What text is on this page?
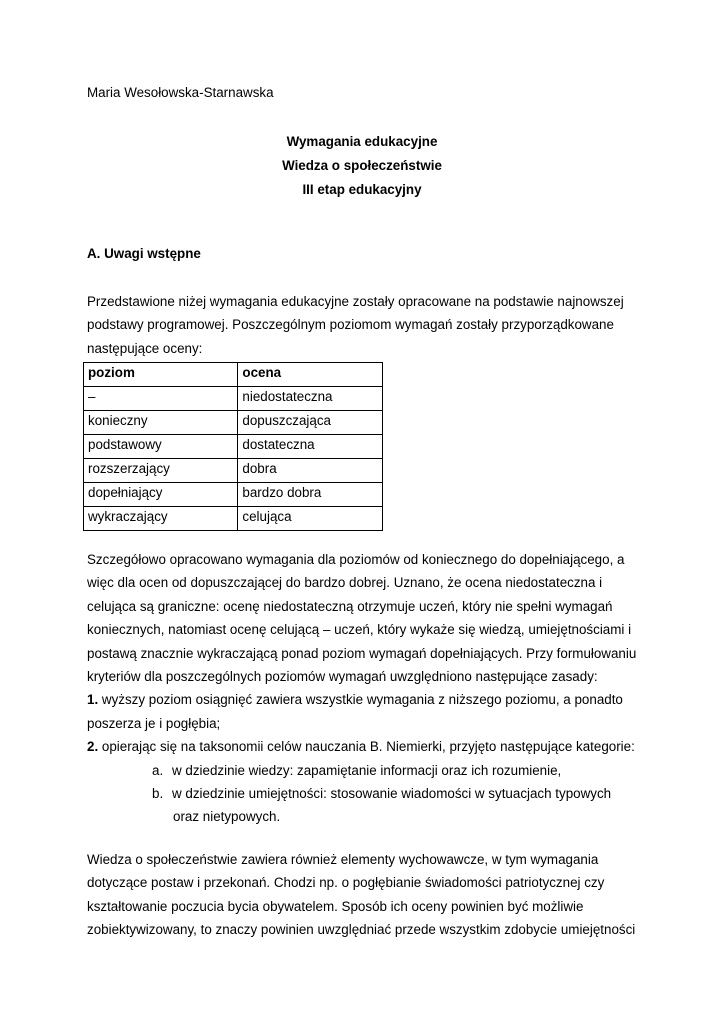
Maria Wesołowska-Starnawska
Wymagania edukacyjne
Wiedza o społeczeństwie
III etap edukacyjny
A. Uwagi wstępne
Przedstawione niżej wymagania edukacyjne zostały opracowane na podstawie najnowszej
podstawy programowej. Poszczególnym poziomom wymagań zostały przyporządkowane
następujące oceny:
poziom	ocena
–	niedostateczna
konieczny	dopuszczająca
podstawowy	dostateczna
rozszerzający	dobra
dopełniający	bardzo dobra
wykraczający	celująca
Szczegółowo opracowano wymagania dla poziomów od koniecznego do dopełniającego, a
więc dla ocen od dopuszczającej do bardzo dobrej. Uznano, że ocena niedostateczna i
celująca są graniczne: ocenę niedostateczną otrzymuje uczeń, który nie spełni wymagań
koniecznych, natomiast ocenę celującą – uczeń, który wykaże się wiedzą, umiejętnościami i
postawą znacznie wykraczającą ponad poziom wymagań dopełniających. Przy formułowaniu
kryteriów dla poszczególnych poziomów wymagań uwzględniono następujące zasady:
1. wyższy poziom osiągnięć zawiera wszystkie wymagania z niższego poziomu, a ponadto
poszerza je i pogłębia;
2. opierając się na taksonomii celów nauczania B. Niemierki, przyjęto następujące kategorie:
a. w dziedzinie wiedzy: zapamiętanie informacji oraz ich rozumienie,
b. w dziedzinie umiejętności: stosowanie wiadomości w sytuacjach typowych
oraz nietypowych.
Wiedza o społeczeństwie zawiera również elementy wychowawcze, w tym wymagania
dotyczące postaw i przekonań. Chodzi np. o pogłębianie świadomości patriotycznej czy
kształtowanie poczucia bycia obywatelem. Sposób ich oceny powinien być możliwie
zobiektywizowany, to znaczy powinien uwzględniać przede wszystkim zdobycie umiejętności
